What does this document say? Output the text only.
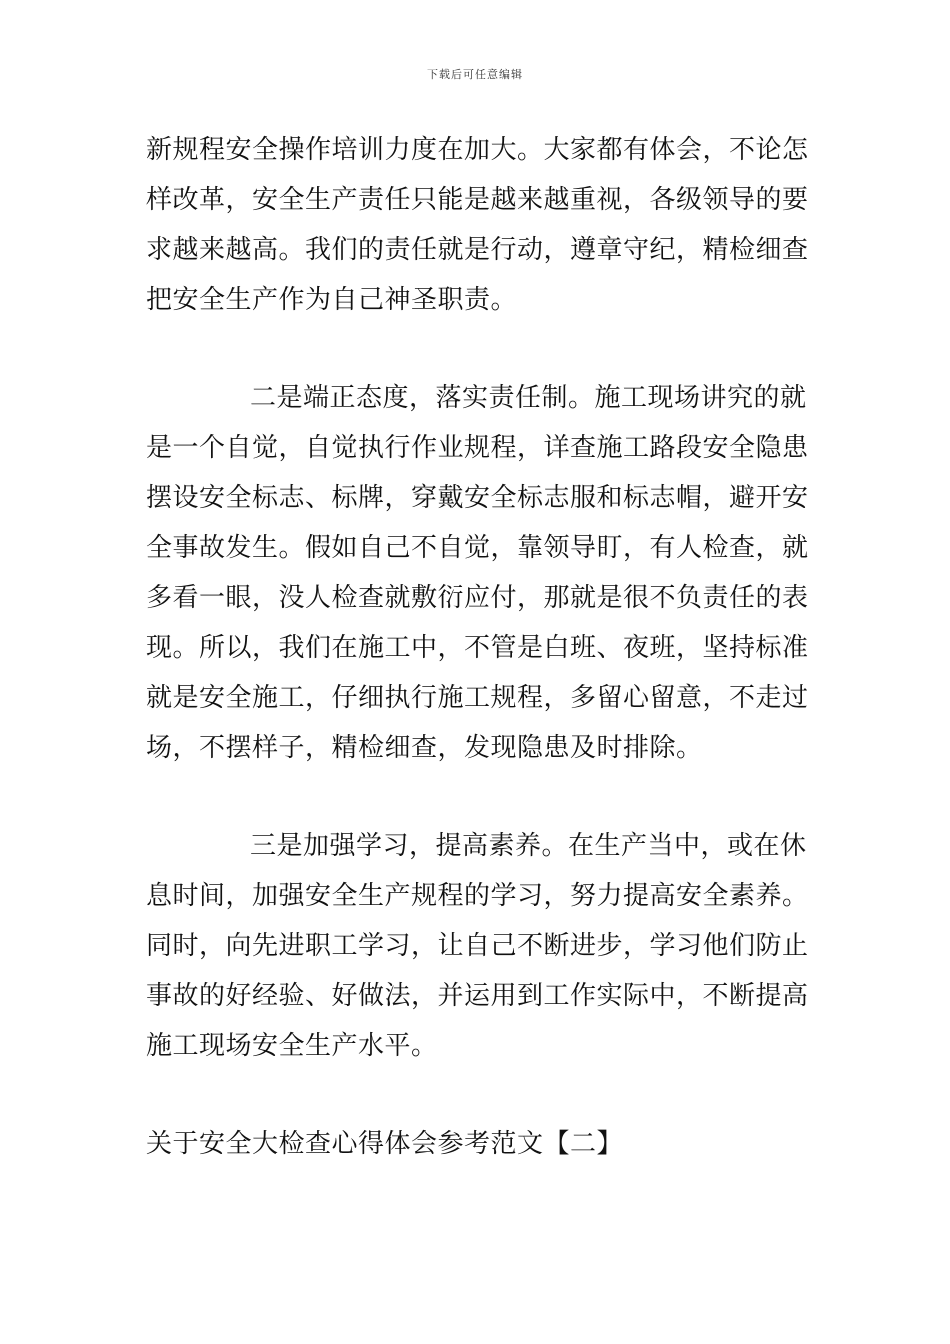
下载后可任意编辑
新规程安全操作培训力度在加大。大家都有体会，不论怎
样改革，安全生产责任只能是越来越重视，各级领导的要
求越来越高。我们的责任就是行动，遵章守纪，精检细查
把安全生产作为自己神圣职责。
二是端正态度，落实责任制。施工现场讲究的就
是一个自觉，自觉执行作业规程，详查施工路段安全隐患
摆设安全标志、标牌，穿戴安全标志服和标志帽，避开安
全事故发生。假如自己不自觉，靠领导盯，有人检查，就
多看一眼，没人检查就敷衍应付，那就是很不负责任的表
现。所以，我们在施工中，不管是白班、夜班，坚持标准
就是安全施工，仔细执行施工规程，多留心留意，不走过
场，不摆样子，精检细查，发现隐患及时排除。
三是加强学习，提高素养。在生产当中，或在休
息时间，加强安全生产规程的学习，努力提高安全素养。
同时，向先进职工学习，让自己不断进步，学习他们防止
事故的好经验、好做法，并运用到工作实际中，不断提高
施工现场安全生产水平。
关于安全大检查心得体会参考范文【二】
